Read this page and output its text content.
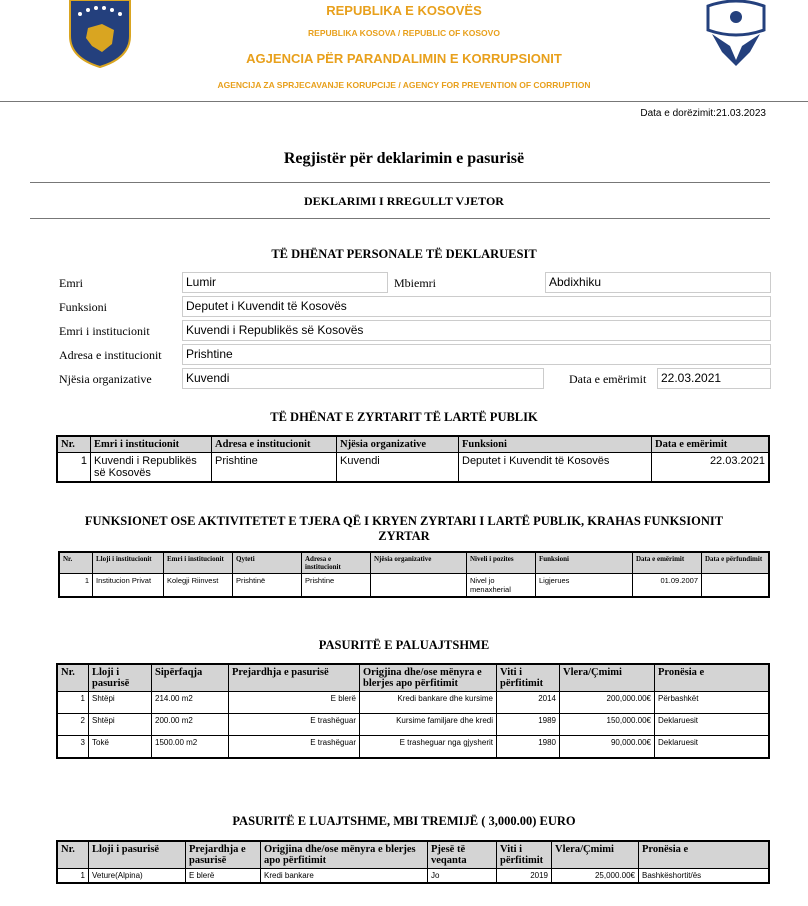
REPUBLIKA E KOSOVËS
REPUBLIKA KOSOVA / REPUBLIC OF KOSOVO
AGJENCIA PËR PARANDALIMIN E KORRUPSIONIT
AGENCIJA ZA SPRJECAVANJE KORUPCIJE / AGENCY FOR PREVENTION OF CORRUPTION
Data e dorëzimit:21.03.2023
Regjistër për deklarimin e pasurisë
DEKLARIMI I RREGULLT VJETOR
TË DHËNAT PERSONALE TË DEKLARUESIT
Emri	Lumir	Mbiemri	Abdixhiku
Funksioni	Deputet i Kuvendit të Kosovës
Emri i institucionit	Kuvendi i Republikës së Kosovës
Adresa e institucionit	Prishtine
Njësia organizative	Kuvendi	Data e emërimit	22.03.2021
TË DHËNAT E ZYRTARIT TË LARTË PUBLIK
Nr.	Emri i institucionit	Adresa e institucionit	Njësia organizative	Funksioni	Data e emërimit
1	Kuvendi i Republikës së Kosovës	Prishtine	Kuvendi	Deputet i Kuvendit të Kosovës	22.03.2021
FUNKSIONET OSE AKTIVITETET E TJERA QË I KRYEN ZYRTARI I LARTË PUBLIK, KRAHAS FUNKSIONIT
ZYRTAR
Nr.	Lloji i institucionit	Emri i institucionit	Qyteti	Adresa e institucionit	Njësia organizative	Niveli i pozites	Funksioni	Data e emërimit	Data e përfundimit
1	Institucion Privat	Kolegji Riinvest	Prishtinë	Prishtine		Nivel jo menaxherial	Ligjerues	01.09.2007	
PASURITË E PALUAJTSHME
Nr.	Lloji i pasurisë	Sipërfaqja	Prejardhja e pasurisë	Origjina dhe/ose mënyra e blerjes apo përfitimit	Viti i përfitimit	Vlera/Çmimi	Pronësia e
1	Shtëpi	214.00 m2	E blerë	Kredi bankare dhe kursime	2014	200,000.00€	Përbashkët
2	Shtëpi	200.00 m2	E trashëguar	Kursime familjare dhe kredi	1989	150,000.00€	Deklaruesit
3	Tokë	1500.00 m2	E trashëguar	E trasheguar nga gjysherit	1980	90,000.00€	Deklaruesit
PASURITË E LUAJTSHME, MBI TREMIJË ( 3,000.00) EURO
Nr.	Lloji i pasurisë	Prejardhja e pasurisë	Origjina dhe/ose mënyra e blerjes apo përfitimit	Pjesë të veqanta	Viti i përfitimit	Vlera/Çmimi	Pronësia e
1	Veture(Alpina)	E blerë	Kredi bankare	Jo	2019	25,000.00€	Bashkëshortit/ës
